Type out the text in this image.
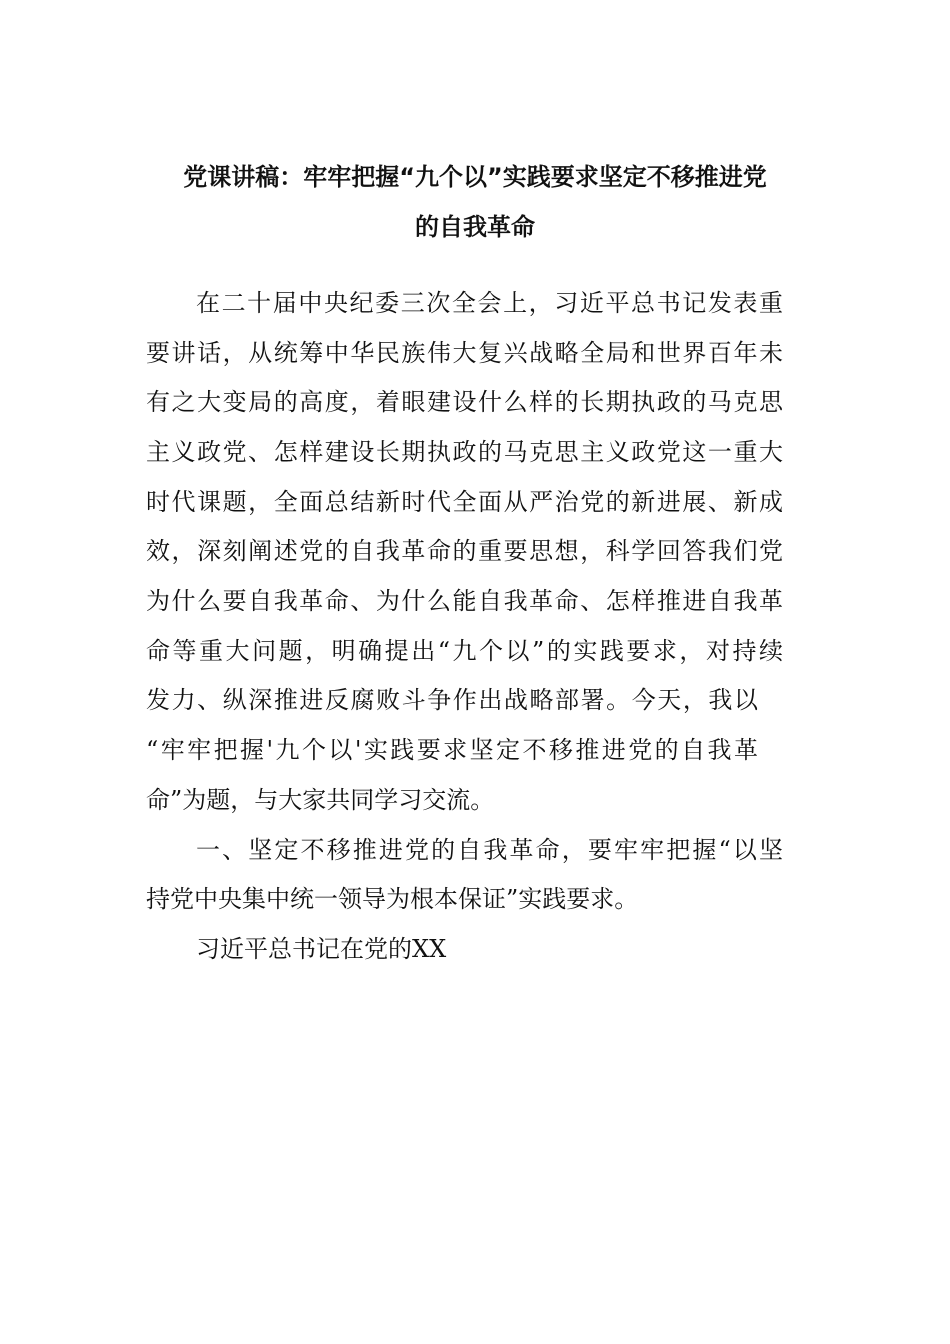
党课讲稿：牢牢把握“九个以”实践要求坚定不移推进党
的自我革命
在二十届中央纪委三次全会上，习近平总书记发表重
要讲话，从统筹中华民族伟大复兴战略全局和世界百年未
有之大变局的高度，着眼建设什么样的长期执政的马克思
主义政党、怎样建设长期执政的马克思主义政党这一重大
时代课题，全面总结新时代全面从严治党的新进展、新成
效，深刻阐述党的自我革命的重要思想，科学回答我们党
为什么要自我革命、为什么能自我革命、怎样推进自我革
命等重大问题，明确提出“九个以”的实践要求，对持续
发力、纵深推进反腐败斗争作出战略部署。今天，我以
“牢牢把握'九个以'实践要求坚定不移推进党的自我革
命”为题，与大家共同学习交流。
一、坚定不移推进党的自我革命，要牢牢把握“以坚
持党中央集中统一领导为根本保证”实践要求。
习近平总书记在党的XX
